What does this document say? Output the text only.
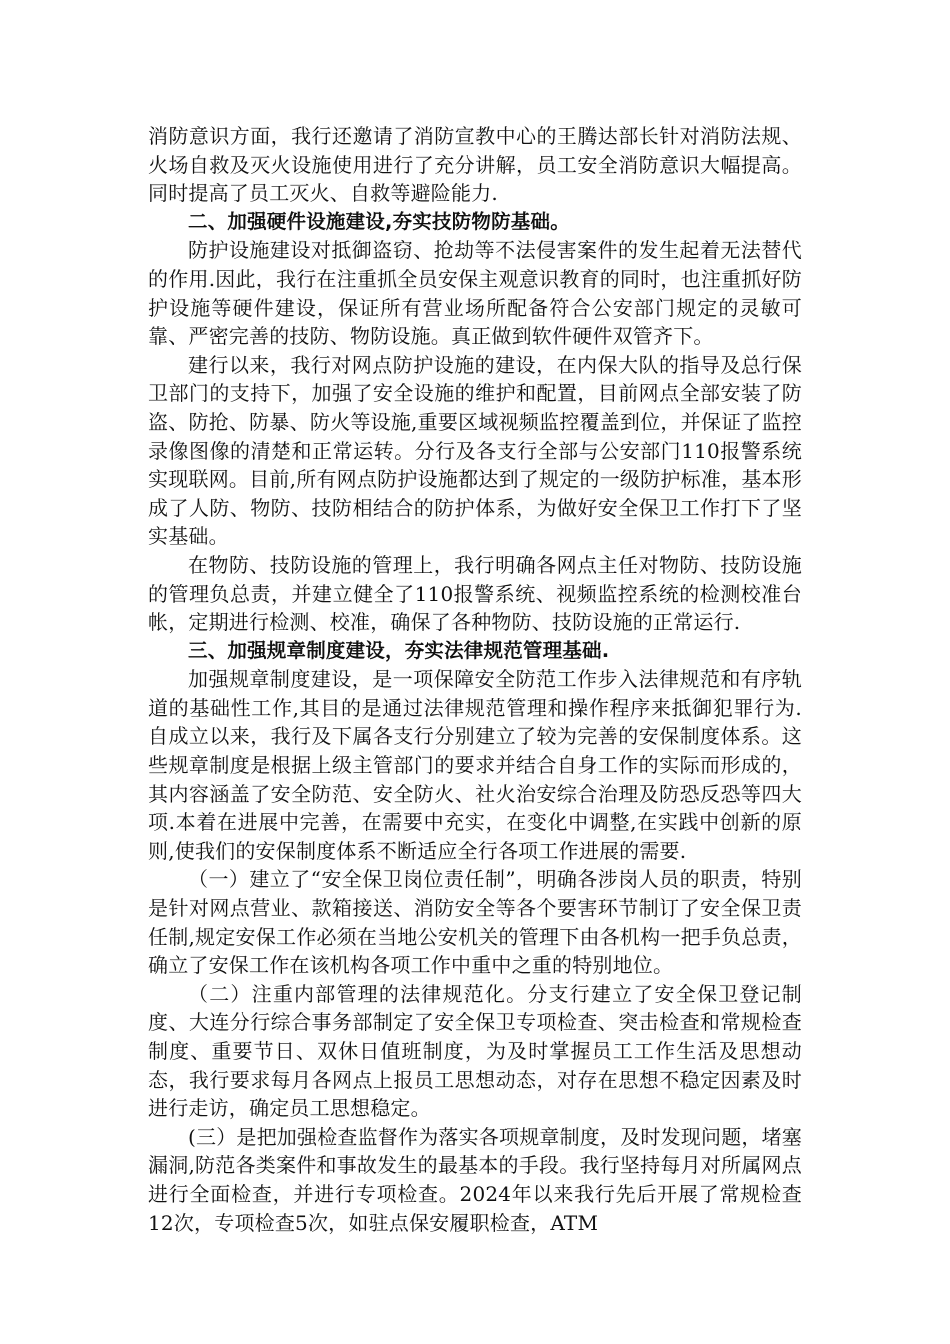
消防意识方面，我行还邀请了消防宣教中心的王腾达部长针对消防法规、火场自救及灭火设施使用进行了充分讲解，员工安全消防意识大幅提高。同时提高了员工灭火、自救等避险能力.

二、加强硬件设施建设,夯实技防物防基础。

防护设施建设对抵御盗窃、抢劫等不法侵害案件的发生起着无法替代的作用.因此，我行在注重抓全员安保主观意识教育的同时，也注重抓好防护设施等硬件建设，保证所有营业场所配备符合公安部门规定的灵敏可靠、严密完善的技防、物防设施。真正做到软件硬件双管齐下。

建行以来，我行对网点防护设施的建设，在内保大队的指导及总行保卫部门的支持下，加强了安全设施的维护和配置，目前网点全部安装了防盗、防抢、防暴、防火等设施,重要区域视频监控覆盖到位，并保证了监控录像图像的清楚和正常运转。分行及各支行全部与公安部门110报警系统实现联网。目前,所有网点防护设施都达到了规定的一级防护标准，基本形成了人防、物防、技防相结合的防护体系，为做好安全保卫工作打下了坚实基础。

在物防、技防设施的管理上，我行明确各网点主任对物防、技防设施的管理负总责，并建立健全了110报警系统、视频监控系统的检测校准台帐，定期进行检测、校准，确保了各种物防、技防设施的正常运行.

三、加强规章制度建设，夯实法律规范管理基础.

加强规章制度建设，是一项保障安全防范工作步入法律规范和有序轨道的基础性工作,其目的是通过法律规范管理和操作程序来抵御犯罪行为.自成立以来，我行及下属各支行分别建立了较为完善的安保制度体系。这些规章制度是根据上级主管部门的要求并结合自身工作的实际而形成的，其内容涵盖了安全防范、安全防火、社火治安综合治理及防恐反恐等四大项.本着在进展中完善，在需要中充实，在变化中调整,在实践中创新的原则,使我们的安保制度体系不断适应全行各项工作进展的需要.

（一）建立了“安全保卫岗位责任制”，明确各涉岗人员的职责，特别是针对网点营业、款箱接送、消防安全等各个要害环节制订了安全保卫责任制,规定安保工作必须在当地公安机关的管理下由各机构一把手负总责，确立了安保工作在该机构各项工作中重中之重的特别地位。

（二）注重内部管理的法律规范化。分支行建立了安全保卫登记制度、大连分行综合事务部制定了安全保卫专项检查、突击检查和常规检查制度、重要节日、双休日值班制度，为及时掌握员工工作生活及思想动态，我行要求每月各网点上报员工思想动态，对存在思想不稳定因素及时进行走访，确定员工思想稳定。

(三）是把加强检查监督作为落实各项规章制度，及时发现问题，堵塞漏洞,防范各类案件和事故发生的最基本的手段。我行坚持每月对所属网点进行全面检查，并进行专项检查。2024年以来我行先后开展了常规检查12次，专项检查5次，如驻点保安履职检查，ATM
